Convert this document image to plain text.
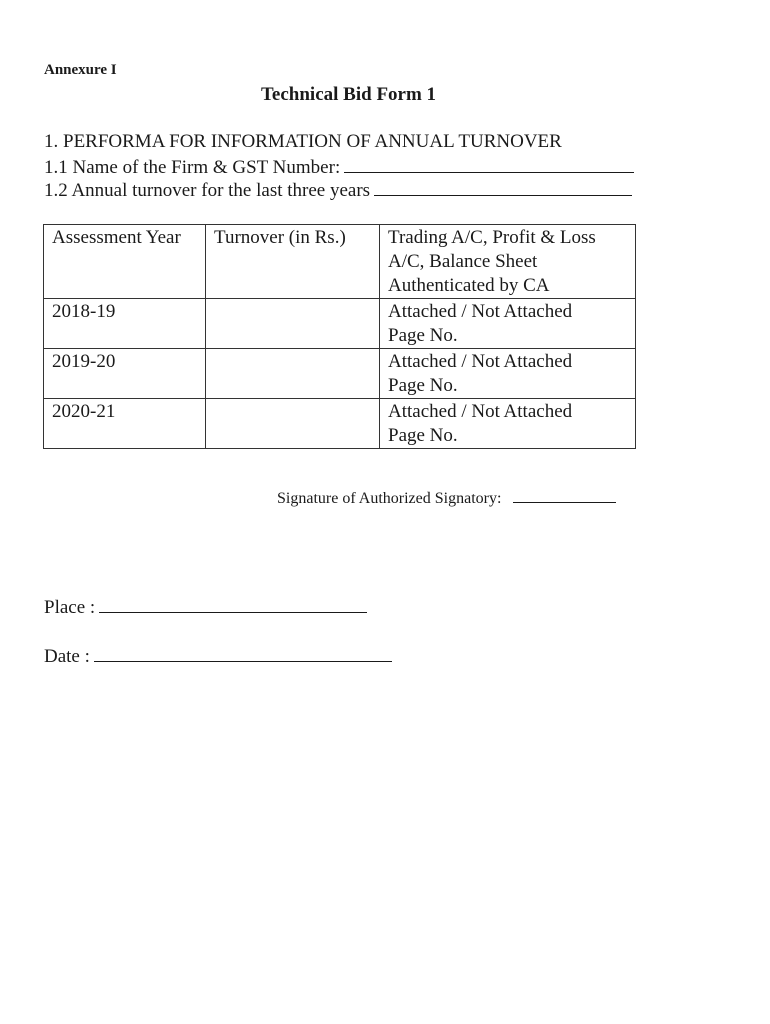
Annexure I
Technical Bid Form 1
1. PERFORMA FOR INFORMATION OF ANNUAL TURNOVER
1.1 Name of the Firm & GST Number:
1.2 Annual turnover for the last three years
Assessment Year	Turnover (in Rs.)	Trading A/C, Profit & Loss A/C, Balance Sheet Authenticated by CA
2018-19		Attached / Not Attached
Page No.

2019-20		Attached / Not Attached
Page No.

2020-21		Attached / Not Attached
Page No.
Signature of Authorized Signatory:
Place :
Date :
